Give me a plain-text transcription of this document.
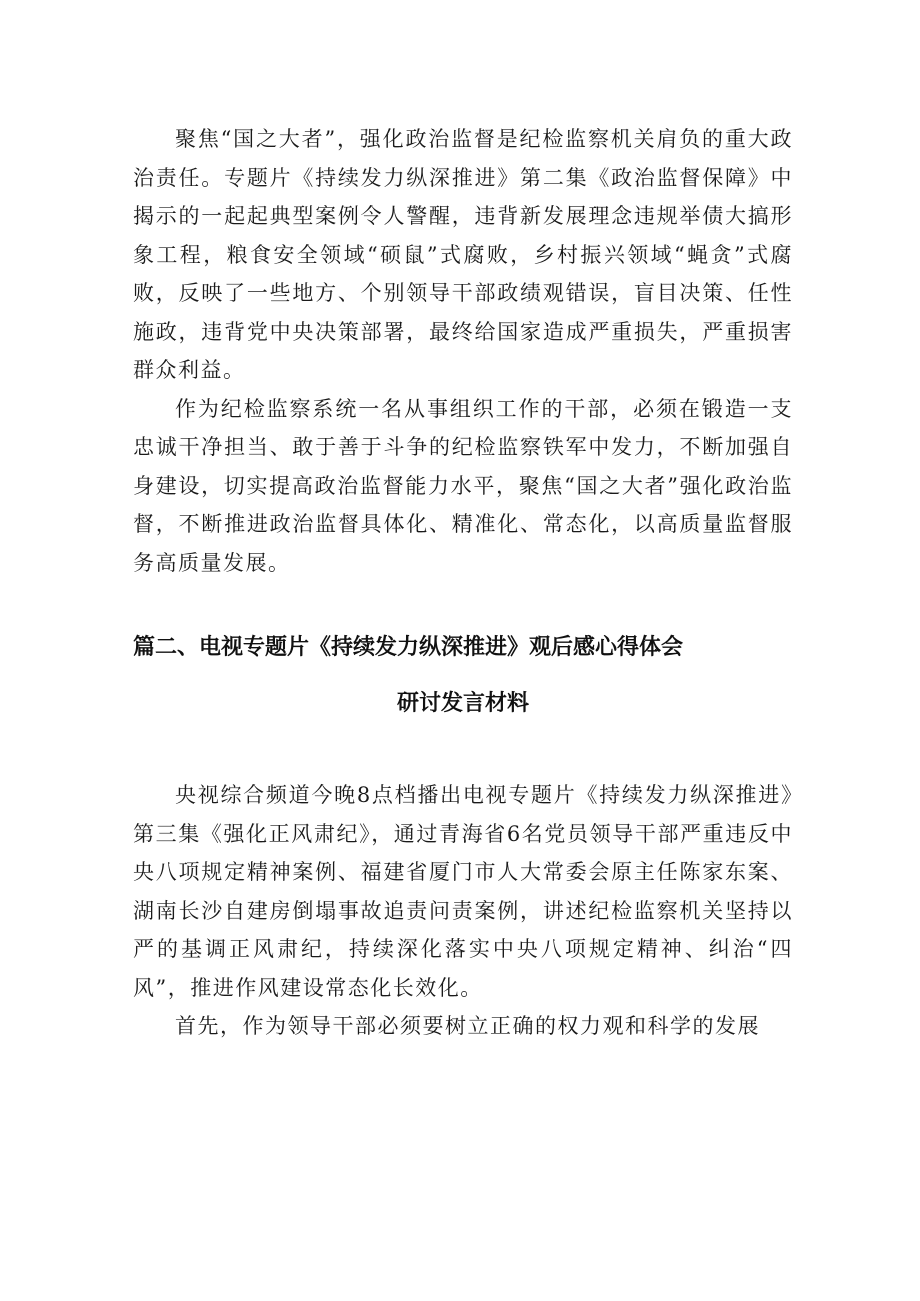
聚焦“国之大者”，强化政治监督是纪检监察机关肩负的重大政治责任。专题片《持续发力纵深推进》第二集《政治监督保障》中揭示的一起起典型案例令人警醒，违背新发展理念违规举债大搞形象工程，粮食安全领域“硕鼠”式腐败，乡村振兴领域“蝇贪”式腐败，反映了一些地方、个别领导干部政绩观错误，盲目决策、任性施政，违背党中央决策部署，最终给国家造成严重损失，严重损害群众利益。

作为纪检监察系统一名从事组织工作的干部，必须在锻造一支忠诚干净担当、敢于善于斗争的纪检监察铁军中发力，不断加强自身建设，切实提高政治监督能力水平，聚焦“国之大者”强化政治监督，不断推进政治监督具体化、精准化、常态化，以高质量监督服务高质量发展。

篇二、电视专题片《持续发力纵深推进》观后感心得体会

研讨发言材料

央视综合频道今晚8点档播出电视专题片《持续发力纵深推进》第三集《强化正风肃纪》，通过青海省6名党员领导干部严重违反中央八项规定精神案例、福建省厦门市人大常委会原主任陈家东案、湖南长沙自建房倒塌事故追责问责案例，讲述纪检监察机关坚持以严的基调正风肃纪，持续深化落实中央八项规定精神、纠治“四风”，推进作风建设常态化长效化。

首先，作为领导干部必须要树立正确的权力观和科学的发展
